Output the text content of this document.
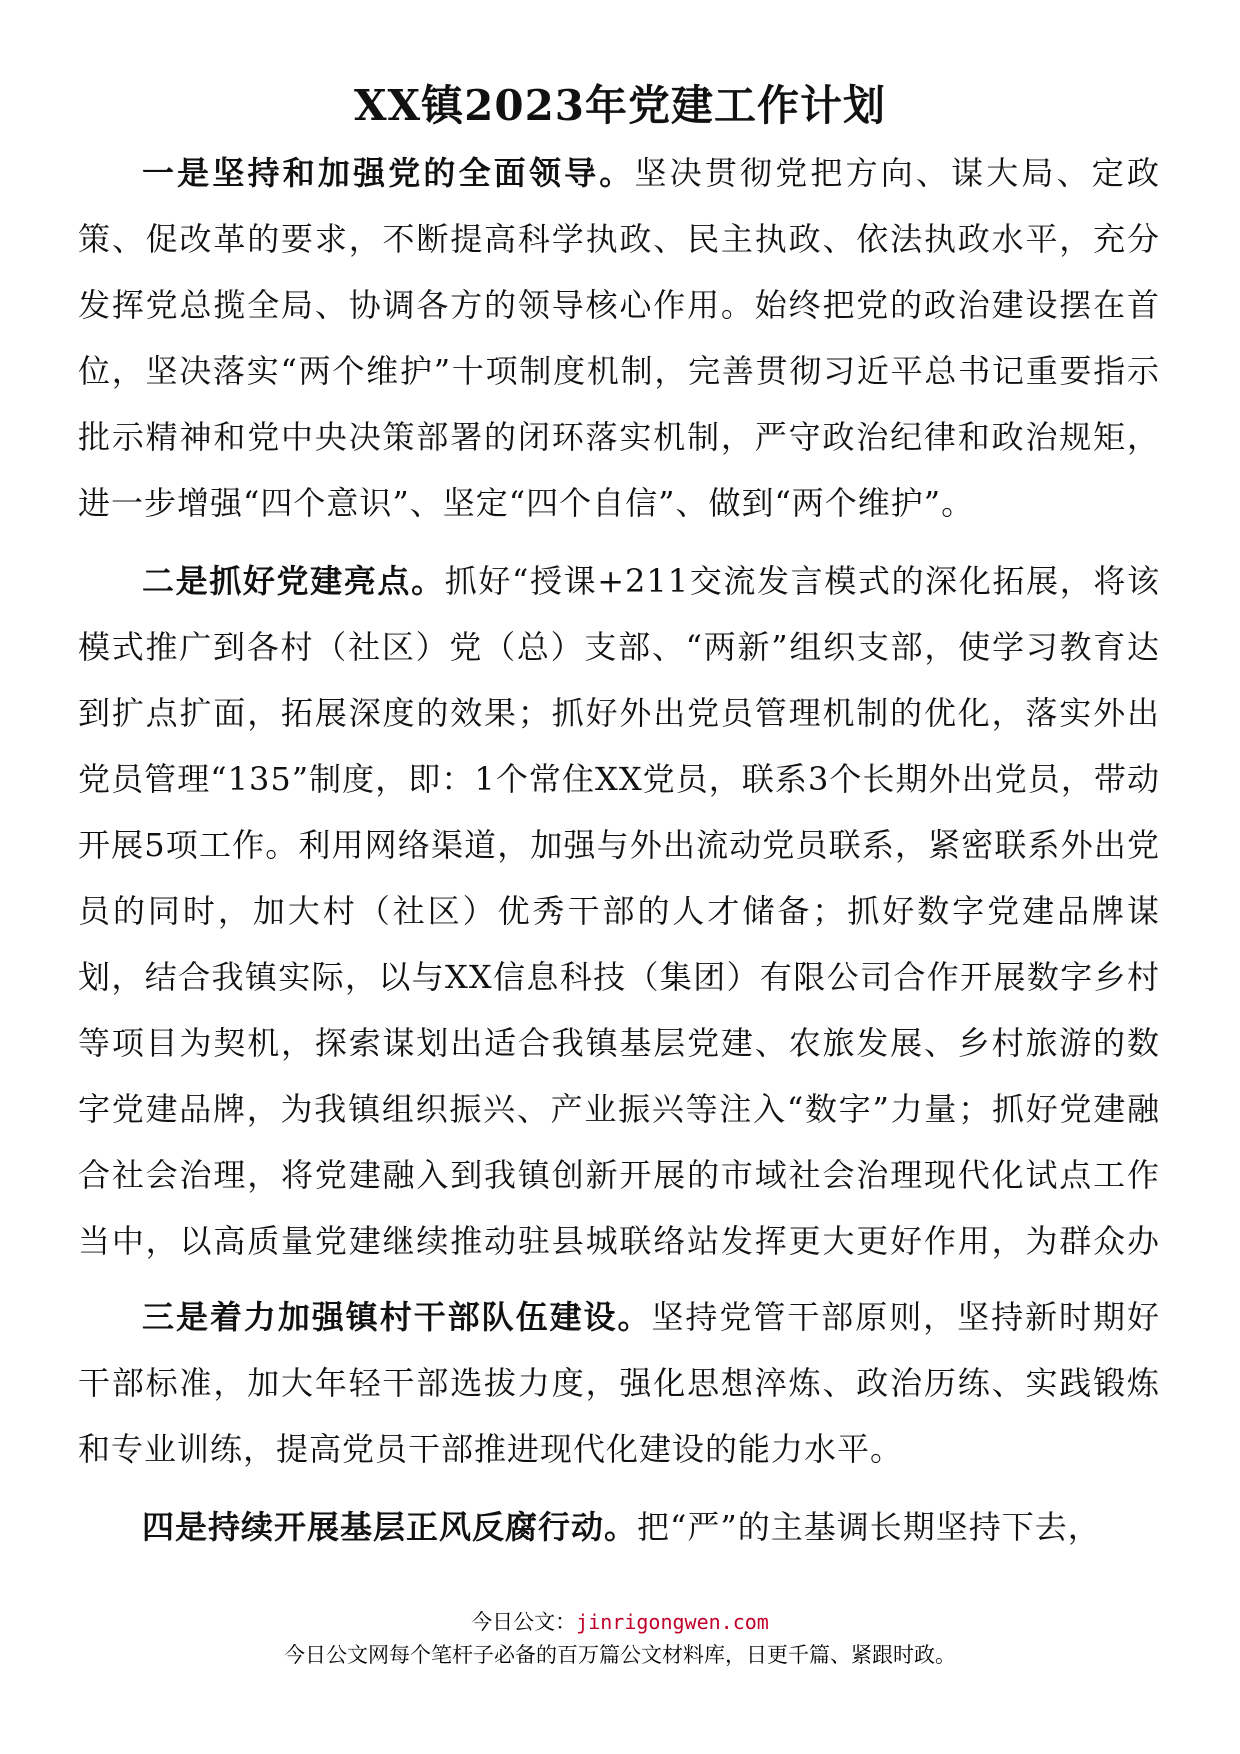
XX镇2023年党建工作计划

一是坚持和加强党的全面领导。坚决贯彻党把方向、谋大局、定政策、促改革的要求，不断提高科学执政、民主执政、依法执政水平，充分发挥党总揽全局、协调各方的领导核心作用。始终把党的政治建设摆在首位，坚决落实“两个维护”十项制度机制，完善贯彻习近平总书记重要指示批示精神和党中央决策部署的闭环落实机制，严守政治纪律和政治规矩，进一步增强“四个意识”、坚定“四个自信”、做到“两个维护”。

二是抓好党建亮点。抓好“授课+211交流发言模式的深化拓展，将该模式推广到各村（社区）党（总）支部、“两新”组织支部，使学习教育达到扩点扩面，拓展深度的效果；抓好外出党员管理机制的优化，落实外出党员管理“135”制度，即：1个常住XX党员，联系3个长期外出党员，带动开展5项工作。利用网络渠道，加强与外出流动党员联系，紧密联系外出党员的同时，加大村（社区）优秀干部的人才储备；抓好数字党建品牌谋划，结合我镇实际，以与XX信息科技（集团）有限公司合作开展数字乡村等项目为契机，探索谋划出适合我镇基层党建、农旅发展、乡村旅游的数字党建品牌，为我镇组织振兴、产业振兴等注入“数字”力量；抓好党建融合社会治理，将党建融入到我镇创新开展的市域社会治理现代化试点工作当中，以高质量党建继续推动驻县城联络站发挥更大更好作用，为群众办

三是着力加强镇村干部队伍建设。坚持党管干部原则，坚持新时期好干部标准，加大年轻干部选拔力度，强化思想淬炼、政治历练、实践锻炼和专业训练，提高党员干部推进现代化建设的能力水平。

四是持续开展基层正风反腐行动。把“严”的主基调长期坚持下去，

今日公文：jinrigongwen.com
今日公文网每个笔杆子必备的百万篇公文材料库，日更千篇、紧跟时政。
